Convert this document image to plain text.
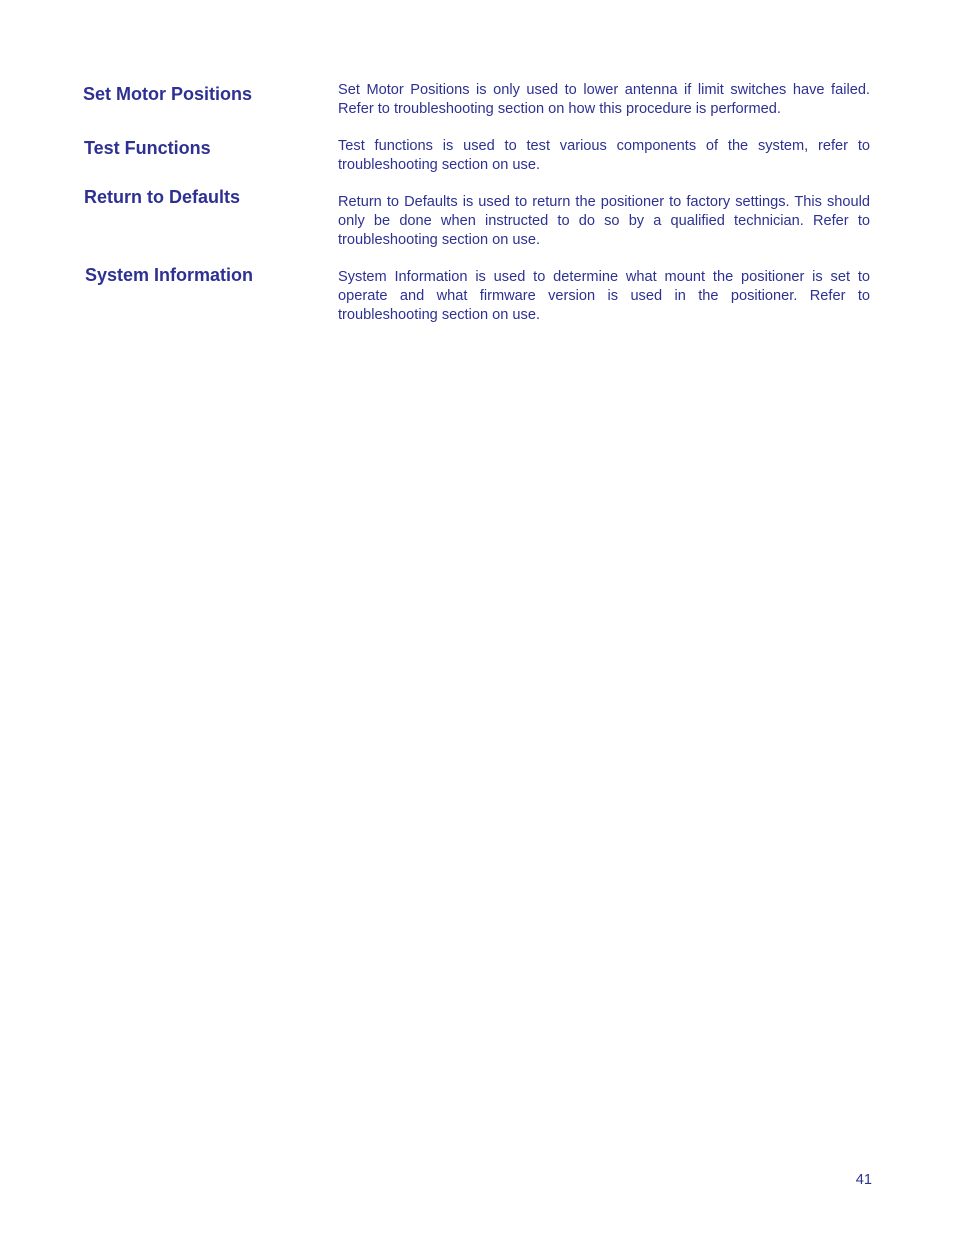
Set Motor Positions	Set Motor Positions is only used to lower antenna if limit switches have failed. Refer to troubleshooting section on how this procedure is performed.

Test Functions	Test functions is used to test various components of the system, refer to troubleshooting section on use.

Return to Defaults	Return to Defaults is used to return the positioner to factory settings. This should only be done when instructed to do so by a qualified technician. Refer to troubleshooting section on use.

System Information	System Information is used to determine what mount the positioner is set to operate and what firmware version is used in the positioner. Refer to troubleshooting section on use.

41
